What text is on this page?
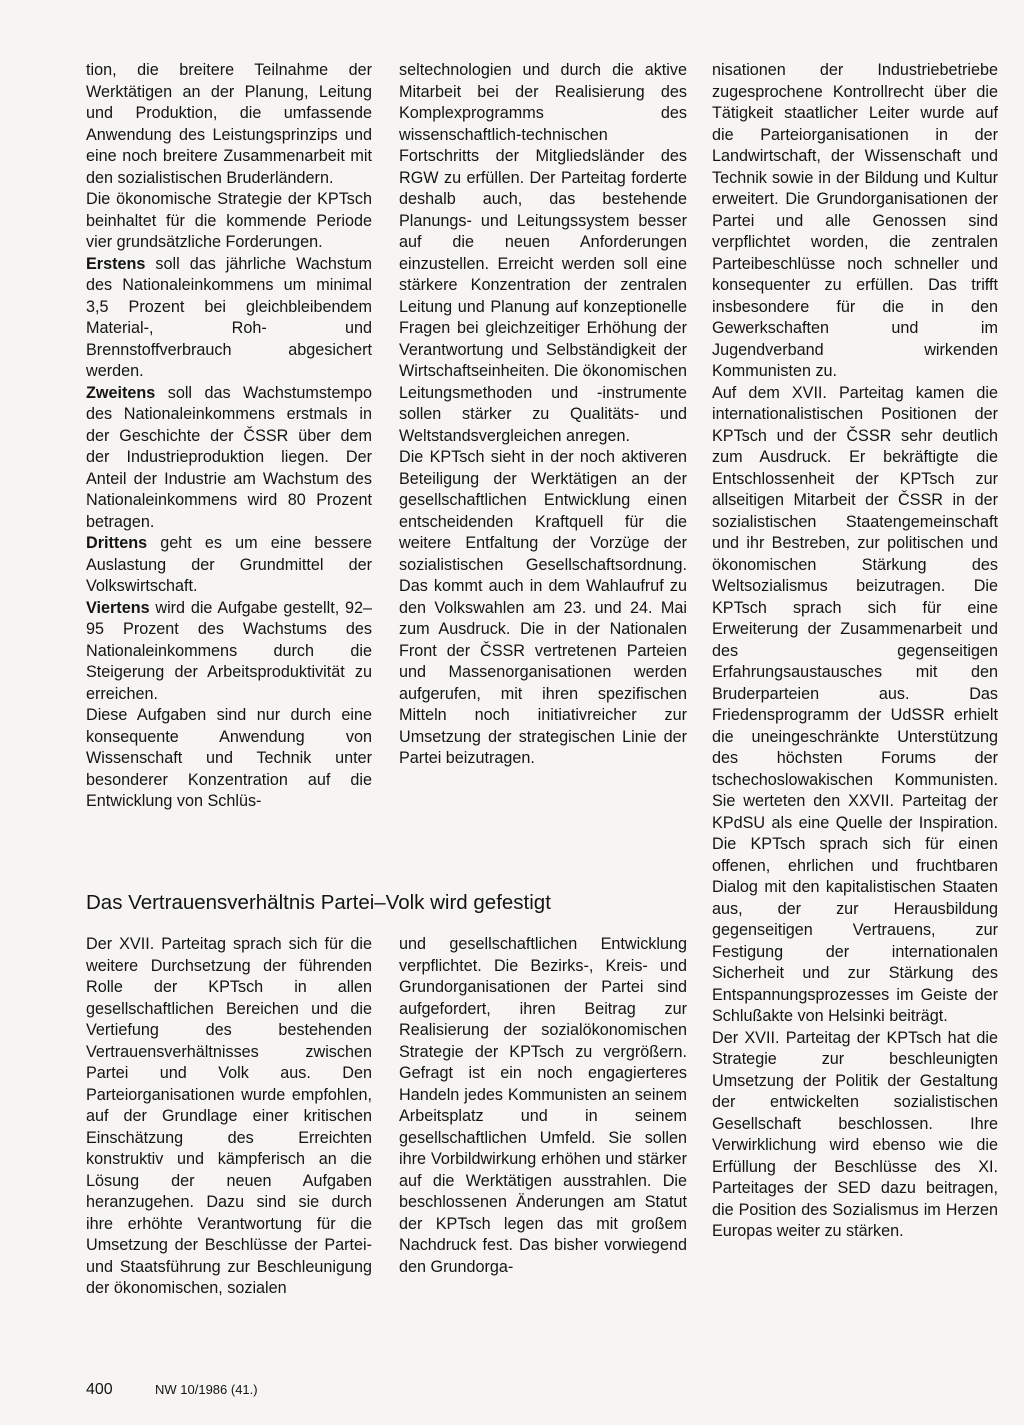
tion, die breitere Teilnahme der Werktätigen an der Planung, Leitung und Produktion, die umfassende Anwendung des Leistungsprinzips und eine noch breitere Zusammenarbeit mit den sozialistischen Bruderländern.

Die ökonomische Strategie der KPTsch beinhaltet für die kommende Periode vier grundsätzliche Forderungen.

Erstens soll das jährliche Wachstum des Nationaleinkommens um minimal 3,5 Prozent bei gleichbleibendem Material-, Roh- und Brennstoffverbrauch abgesichert werden.

Zweitens soll das Wachstumstempo des Nationaleinkommens erstmals in der Geschichte der ČSSR über dem der Industrieproduktion liegen. Der Anteil der Industrie am Wachstum des Nationaleinkommens wird 80 Prozent betragen.

Drittens geht es um eine bessere Auslastung der Grundmittel der Volkswirtschaft.

Viertens wird die Aufgabe gestellt, 92–95 Prozent des Wachstums des Nationaleinkommens durch die Steigerung der Arbeitsproduktivität zu erreichen.

Diese Aufgaben sind nur durch eine konsequente Anwendung von Wissenschaft und Technik unter besonderer Konzentration auf die Entwicklung von Schlüs-

seltechnologien und durch die aktive Mitarbeit bei der Realisierung des Komplexprogramms des wissenschaftlich-technischen Fortschritts der Mitgliedsländer des RGW zu erfüllen. Der Parteitag forderte deshalb auch, das bestehende Planungs- und Leitungssystem besser auf die neuen Anforderungen einzustellen. Erreicht werden soll eine stärkere Konzentration der zentralen Leitung und Planung auf konzeptionelle Fragen bei gleichzeitiger Erhöhung der Verantwortung und Selbständigkeit der Wirtschaftseinheiten. Die ökonomischen Leitungsmethoden und -instrumente sollen stärker zu Qualitäts- und Weltstandsvergleichen anregen.

Die KPTsch sieht in der noch aktiveren Beteiligung der Werktätigen an der gesellschaftlichen Entwicklung einen entscheidenden Kraftquell für die weitere Entfaltung der Vorzüge der sozialistischen Gesellschaftsordnung. Das kommt auch in dem Wahlaufruf zu den Volkswahlen am 23. und 24. Mai zum Ausdruck. Die in der Nationalen Front der ČSSR vertretenen Parteien und Massenorganisationen werden aufgerufen, mit ihren spezifischen Mitteln noch initiativreicher zur Umsetzung der strategischen Linie der Partei beizutragen.

nisationen der Industriebetriebe zugesprochene Kontrollrecht über die Tätigkeit staatlicher Leiter wurde auf die Parteiorganisationen in der Landwirtschaft, der Wissenschaft und Technik sowie in der Bildung und Kultur erweitert. Die Grundorganisationen der Partei und alle Genossen sind verpflichtet worden, die zentralen Parteibeschlüsse noch schneller und konsequenter zu erfüllen. Das trifft insbesondere für die in den Gewerkschaften und im Jugendverband wirkenden Kommunisten zu.

Auf dem XVII. Parteitag kamen die internationalistischen Positionen der KPTsch und der ČSSR sehr deutlich zum Ausdruck. Er bekräftigte die Entschlossenheit der KPTsch zur allseitigen Mitarbeit der ČSSR in der sozialistischen Staatengemeinschaft und ihr Bestreben, zur politischen und ökonomischen Stärkung des Weltsozialismus beizutragen. Die KPTsch sprach sich für eine Erweiterung der Zusammenarbeit und des gegenseitigen Erfahrungsaustausches mit den Bruderparteien aus. Das Friedensprogramm der UdSSR erhielt die uneingeschränkte Unterstützung des höchsten Forums der tschechoslowakischen Kommunisten. Sie werteten den XXVII. Parteitag der KPdSU als eine Quelle der Inspiration. Die KPTsch sprach sich für einen offenen, ehrlichen und fruchtbaren Dialog mit den kapitalistischen Staaten aus, der zur Herausbildung gegenseitigen Vertrauens, zur Festigung der internationalen Sicherheit und zur Stärkung des Entspannungsprozesses im Geiste der Schlußakte von Helsinki beiträgt.

Der XVII. Parteitag der KPTsch hat die Strategie zur beschleunigten Umsetzung der Politik der Gestaltung der entwickelten sozialistischen Gesellschaft beschlossen. Ihre Verwirklichung wird ebenso wie die Erfüllung der Beschlüsse des XI. Parteitages der SED dazu beitragen, die Position des Sozialismus im Herzen Europas weiter zu stärken.

Das Vertrauensverhältnis Partei–Volk wird gefestigt

Der XVII. Parteitag sprach sich für die weitere Durchsetzung der führenden Rolle der KPTsch in allen gesellschaftlichen Bereichen und die Vertiefung des bestehenden Vertrauensverhältnisses zwischen Partei und Volk aus. Den Parteiorganisationen wurde empfohlen, auf der Grundlage einer kritischen Einschätzung des Erreichten konstruktiv und kämpferisch an die Lösung der neuen Aufgaben heranzugehen. Dazu sind sie durch ihre erhöhte Verantwortung für die Umsetzung der Beschlüsse der Partei- und Staatsführung zur Beschleunigung der ökonomischen, sozialen

und gesellschaftlichen Entwicklung verpflichtet. Die Bezirks-, Kreis- und Grundorganisationen der Partei sind aufgefordert, ihren Beitrag zur Realisierung der sozialökonomischen Strategie der KPTsch zu vergrößern. Gefragt ist ein noch engagierteres Handeln jedes Kommunisten an seinem Arbeitsplatz und in seinem gesellschaftlichen Umfeld. Sie sollen ihre Vorbildwirkung erhöhen und stärker auf die Werktätigen ausstrahlen. Die beschlossenen Änderungen am Statut der KPTsch legen das mit großem Nachdruck fest. Das bisher vorwiegend den Grundorga-

400	NW 10/1986 (41.)
